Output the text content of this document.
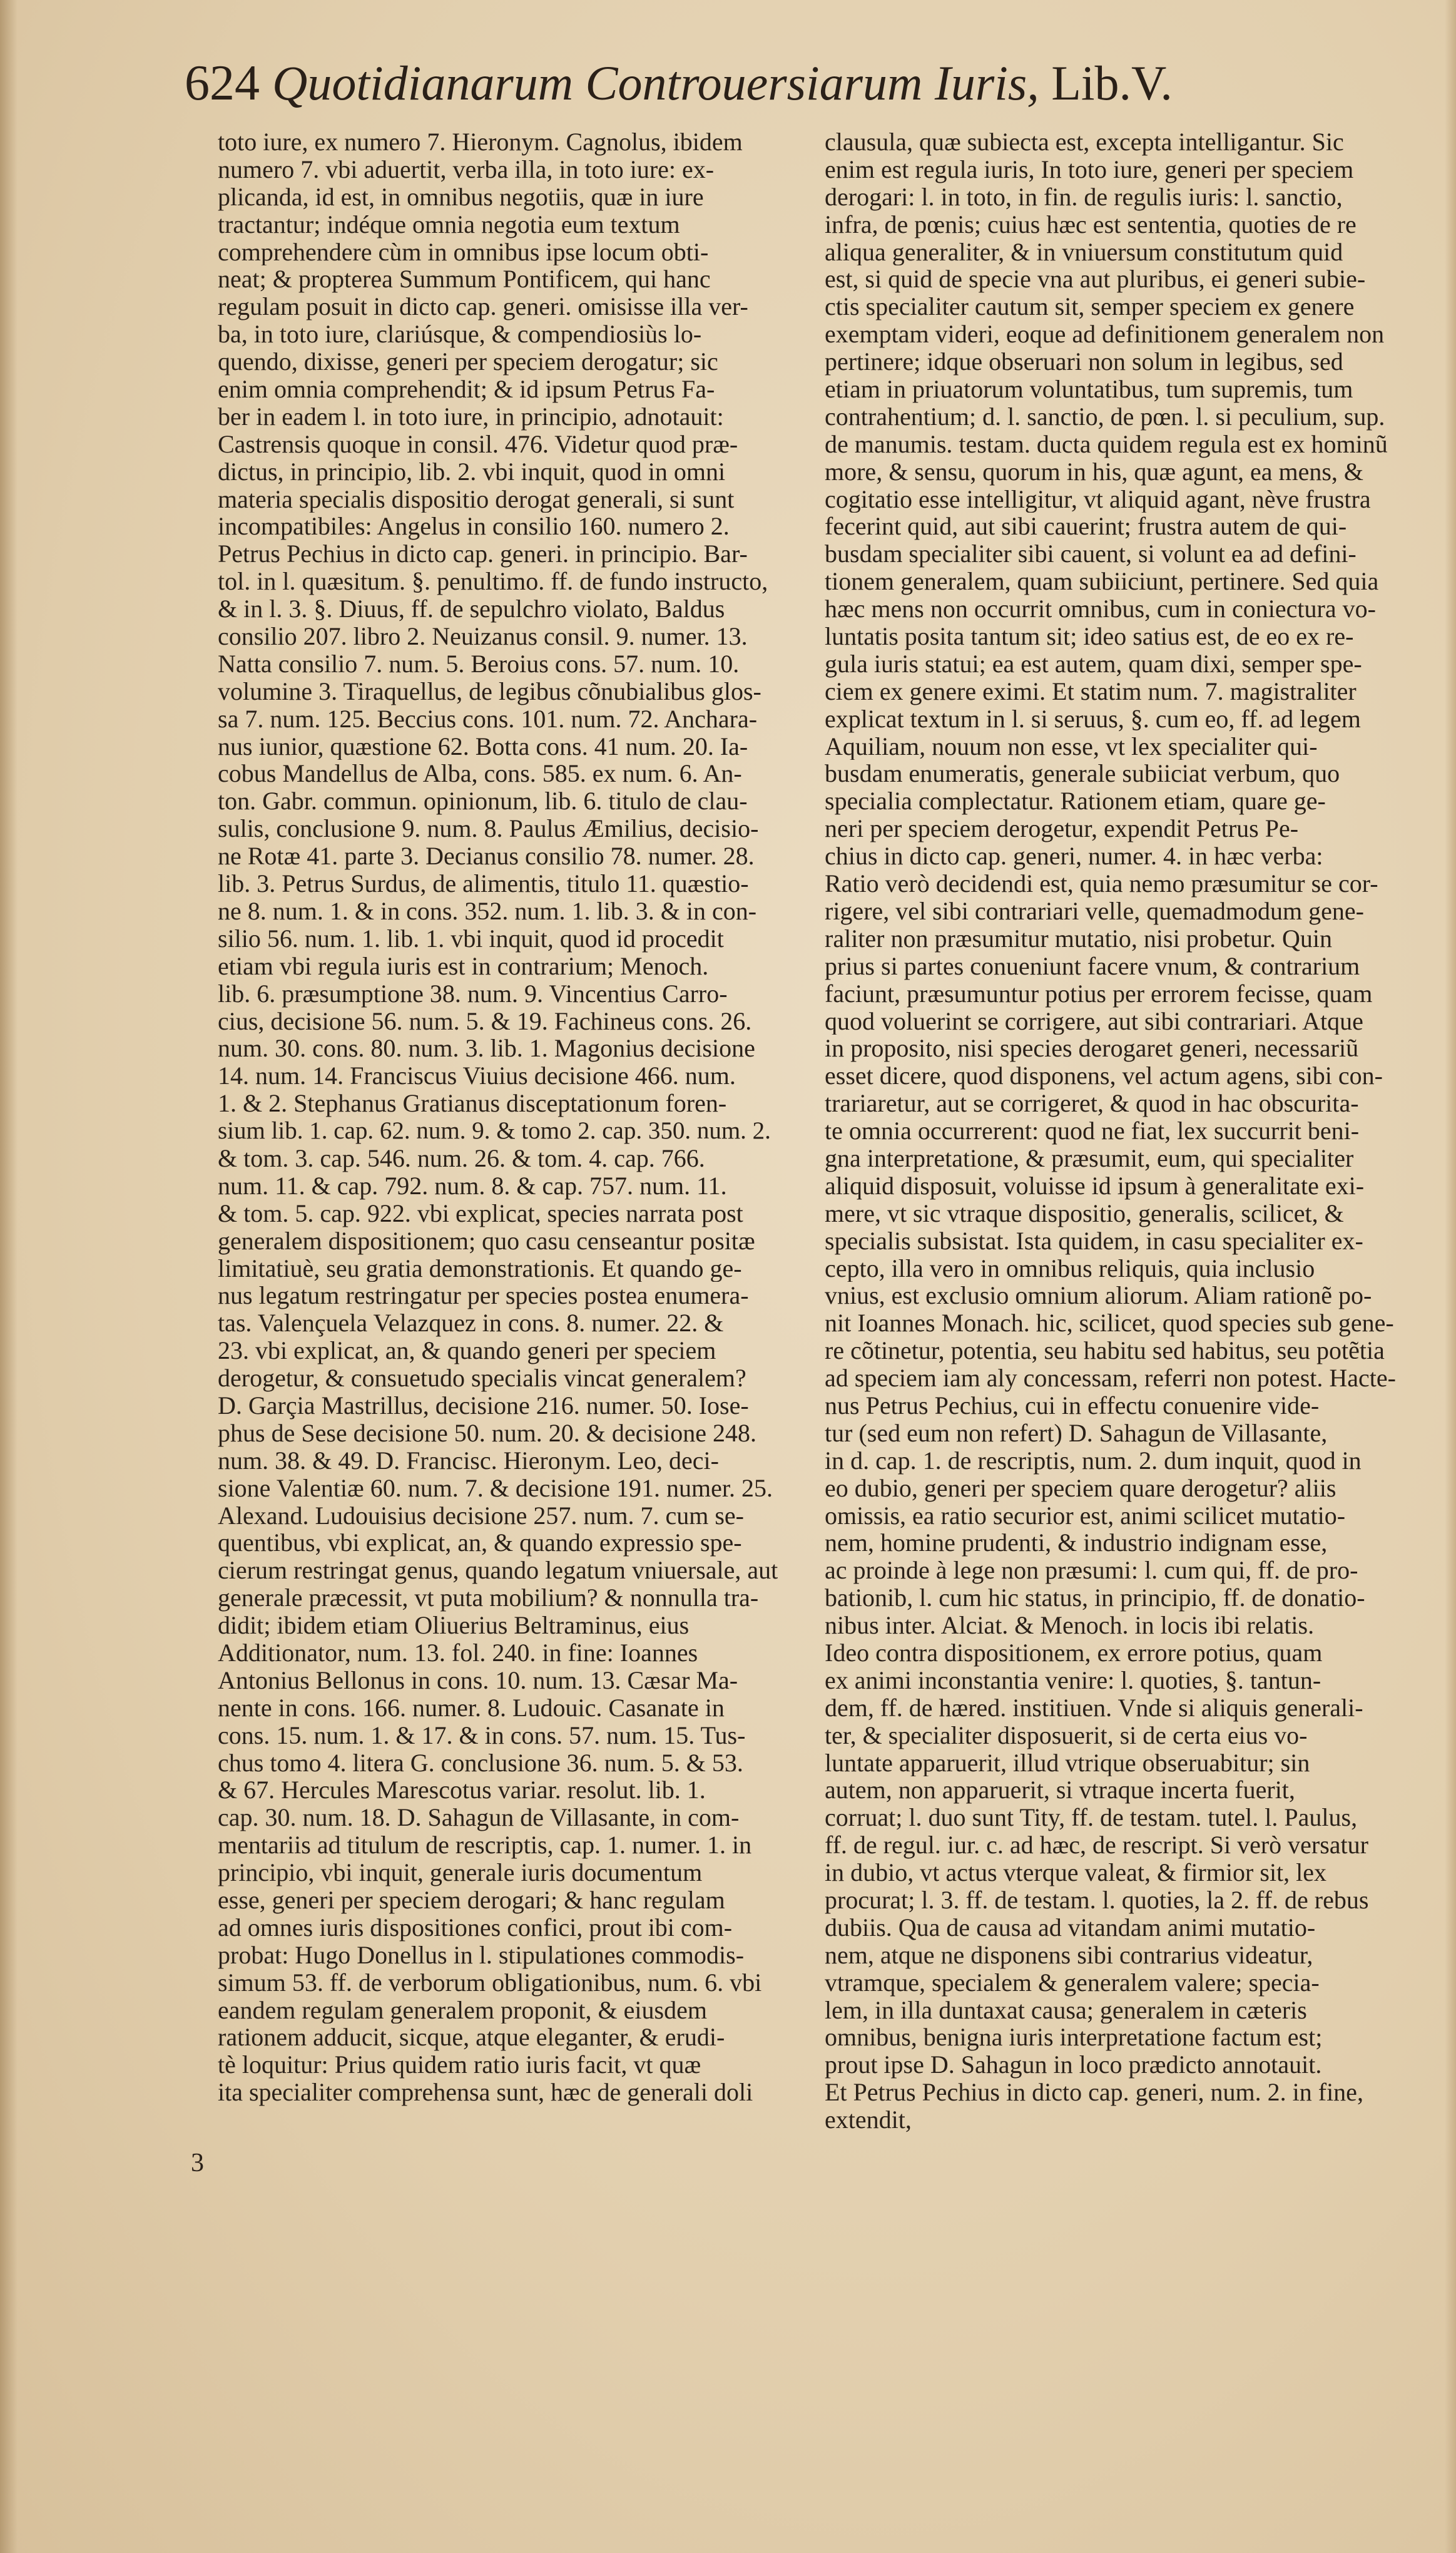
624 Quotidianarum Controuersiarum Iuris, Lib.V.
toto iure, ex numero 7. Hieronym. Cagnolus, ibidem
numero 7. vbi aduertit, verba illa, in toto iure: ex-
plicanda, id est, in omnibus negotiis, quæ in iure
tractantur; indéque omnia negotia eum textum
comprehendere cùm in omnibus ipse locum obti-
neat; & propterea Summum Pontificem, qui hanc
regulam posuit in dicto cap. generi. omisisse illa ver-
ba, in toto iure, clariúsque, & compendiosiùs lo-
quendo, dixisse, generi per speciem derogatur; sic
enim omnia comprehendit; & id ipsum Petrus Fa-
ber in eadem l. in toto iure, in principio, adnotauit:
Castrensis quoque in consil. 476. Videtur quod præ-
dictus, in principio, lib. 2. vbi inquit, quod in omni
materia specialis dispositio derogat generali, si sunt
incompatibiles: Angelus in consilio 160. numero 2.
Petrus Pechius in dicto cap. generi. in principio. Bar-
tol. in l. quæsitum. §. penultimo. ff. de fundo instructo,
& in l. 3. §. Diuus, ff. de sepulchro violato, Baldus
consilio 207. libro 2. Neuizanus consil. 9. numer. 13.
Natta consilio 7. num. 5. Beroius cons. 57. num. 10.
volumine 3. Tiraquellus, de legibus cõnubialibus glos-
sa 7. num. 125. Beccius cons. 101. num. 72. Anchara-
nus iunior, quæstione 62. Botta cons. 41 num. 20. Ia-
cobus Mandellus de Alba, cons. 585. ex num. 6. An-
ton. Gabr. commun. opinionum, lib. 6. titulo de clau-
sulis, conclusione 9. num. 8. Paulus Æmilius, decisio-
ne Rotæ 41. parte 3. Decianus consilio 78. numer. 28.
lib. 3. Petrus Surdus, de alimentis, titulo 11. quæstio-
ne 8. num. 1. & in cons. 352. num. 1. lib. 3. & in con-
silio 56. num. 1. lib. 1. vbi inquit, quod id procedit
etiam vbi regula iuris est in contrarium; Menoch.
lib. 6. præsumptione 38. num. 9. Vincentius Carro-
cius, decisione 56. num. 5. & 19. Fachineus cons. 26.
num. 30. cons. 80. num. 3. lib. 1. Magonius decisione
14. num. 14. Franciscus Viuius decisione 466. num.
1. & 2. Stephanus Gratianus disceptationum foren-
sium lib. 1. cap. 62. num. 9. & tomo 2. cap. 350. num. 2.
& tom. 3. cap. 546. num. 26. & tom. 4. cap. 766.
num. 11. & cap. 792. num. 8. & cap. 757. num. 11.
& tom. 5. cap. 922. vbi explicat, species narrata post
generalem dispositionem; quo casu censeantur positæ
limitatiuè, seu gratia demonstrationis. Et quando ge-
nus legatum restringatur per species postea enumera-
tas. Valençuela Velazquez in cons. 8. numer. 22. &
23. vbi explicat, an, & quando generi per speciem
derogetur, & consuetudo specialis vincat generalem?
D. Garçia Mastrillus, decisione 216. numer. 50. Iose-
phus de Sese decisione 50. num. 20. & decisione 248.
num. 38. & 49. D. Francisc. Hieronym. Leo, deci-
sione Valentiæ 60. num. 7. & decisione 191. numer. 25.
Alexand. Ludouisius decisione 257. num. 7. cum se-
quentibus, vbi explicat, an, & quando expressio spe-
cierum restringat genus, quando legatum vniuersale, aut
generale præcessit, vt puta mobilium? & nonnulla tra-
didit; ibidem etiam Oliuerius Beltraminus, eius
Additionator, num. 13. fol. 240. in fine: Ioannes
Antonius Bellonus in cons. 10. num. 13. Cæsar Ma-
nente in cons. 166. numer. 8. Ludouic. Casanate in
cons. 15. num. 1. & 17. & in cons. 57. num. 15. Tus-
chus tomo 4. litera G. conclusione 36. num. 5. & 53.
& 67. Hercules Marescotus variar. resolut. lib. 1.
cap. 30. num. 18. D. Sahagun de Villasante, in com-
mentariis ad titulum de rescriptis, cap. 1. numer. 1. in
principio, vbi inquit, generale iuris documentum
esse, generi per speciem derogari; & hanc regulam
ad omnes iuris dispositiones confici, prout ibi com-
probat: Hugo Donellus in l. stipulationes commodis-
simum 53. ff. de verborum obligationibus, num. 6. vbi
eandem regulam generalem proponit, & eiusdem
rationem adducit, sicque, atque eleganter, & erudi-
tè loquitur: Prius quidem ratio iuris facit, vt quæ
ita specialiter comprehensa sunt, hæc de generali doli
clausula, quæ subiecta est, excepta intelligantur. Sic
enim est regula iuris, In toto iure, generi per speciem
derogari: l. in toto, in fin. de regulis iuris: l. sanctio,
infra, de pœnis; cuius hæc est sententia, quoties de re
aliqua generaliter, & in vniuersum constitutum quid
est, si quid de specie vna aut pluribus, ei generi subie-
ctis specialiter cautum sit, semper speciem ex genere
exemptam videri, eoque ad definitionem generalem non
pertinere; idque obseruari non solum in legibus, sed
etiam in priuatorum voluntatibus, tum supremis, tum
contrahentium; d. l. sanctio, de pœn. l. si peculium, sup.
de manumis. testam. ducta quidem regula est ex hominũ
more, & sensu, quorum in his, quæ agunt, ea mens, &
cogitatio esse intelligitur, vt aliquid agant, nève frustra
fecerint quid, aut sibi cauerint; frustra autem de qui-
busdam specialiter sibi cauent, si volunt ea ad defini-
tionem generalem, quam subiiciunt, pertinere. Sed quia
hæc mens non occurrit omnibus, cum in coniectura vo-
luntatis posita tantum sit; ideo satius est, de eo ex re-
gula iuris statui; ea est autem, quam dixi, semper spe-
ciem ex genere eximi. Et statim num. 7. magistraliter
explicat textum in l. si seruus, §. cum eo, ff. ad legem
Aquiliam, nouum non esse, vt lex specialiter qui-
busdam enumeratis, generale subiiciat verbum, quo
specialia complectatur. Rationem etiam, quare ge-
neri per speciem derogetur, expendit Petrus Pe-
chius in dicto cap. generi, numer. 4. in hæc verba:
Ratio verò decidendi est, quia nemo præsumitur se cor-
rigere, vel sibi contrariari velle, quemadmodum gene-
raliter non præsumitur mutatio, nisi probetur. Quin
prius si partes conueniunt facere vnum, & contrarium
faciunt, præsumuntur potius per errorem fecisse, quam
quod voluerint se corrigere, aut sibi contrariari. Atque
in proposito, nisi species derogaret generi, necessariũ
esset dicere, quod disponens, vel actum agens, sibi con-
trariaretur, aut se corrigeret, & quod in hac obscurita-
te omnia occurrerent: quod ne fiat, lex succurrit beni-
gna interpretatione, & præsumit, eum, qui specialiter
aliquid disposuit, voluisse id ipsum à generalitate exi-
mere, vt sic vtraque dispositio, generalis, scilicet, &
specialis subsistat. Ista quidem, in casu specialiter ex-
cepto, illa vero in omnibus reliquis, quia inclusio
vnius, est exclusio omnium aliorum. Aliam rationẽ po-
nit Ioannes Monach. hic, scilicet, quod species sub gene-
re cõtinetur, potentia, seu habitu sed habitus, seu potẽtia
ad speciem iam aly concessam, referri non potest. Hacte-
nus Petrus Pechius, cui in effectu conuenire vide-
tur (sed eum non refert) D. Sahagun de Villasante,
in d. cap. 1. de rescriptis, num. 2. dum inquit, quod in
eo dubio, generi per speciem quare derogetur? aliis
omissis, ea ratio securior est, animi scilicet mutatio-
nem, homine prudenti, & industrio indignam esse,
ac proinde à lege non præsumi: l. cum qui, ff. de pro-
bationib, l. cum hic status, in principio, ff. de donatio-
nibus inter. Alciat. & Menoch. in locis ibi relatis.
Ideo contra dispositionem, ex errore potius, quam
ex animi inconstantia venire: l. quoties, §. tantun-
dem, ff. de hæred. institiuen. Vnde si aliquis generali-
ter, & specialiter disposuerit, si de certa eius vo-
luntate apparuerit, illud vtrique obseruabitur; sin
autem, non apparuerit, si vtraque incerta fuerit,
corruat; l. duo sunt Tity, ff. de testam. tutel. l. Paulus,
ff. de regul. iur. c. ad hæc, de rescript. Si verò versatur
in dubio, vt actus vterque valeat, & firmior sit, lex
procurat; l. 3. ff. de testam. l. quoties, la 2. ff. de rebus
dubiis. Qua de causa ad vitandam animi mutatio-
nem, atque ne disponens sibi contrarius videatur,
vtramque, specialem & generalem valere; specia-
lem, in illa duntaxat causa; generalem in cæteris
omnibus, benigna iuris interpretatione factum est;
prout ipse D. Sahagun in loco prædicto annotauit.
Et Petrus Pechius in dicto cap. generi, num. 2. in fine,
extendit,
3
